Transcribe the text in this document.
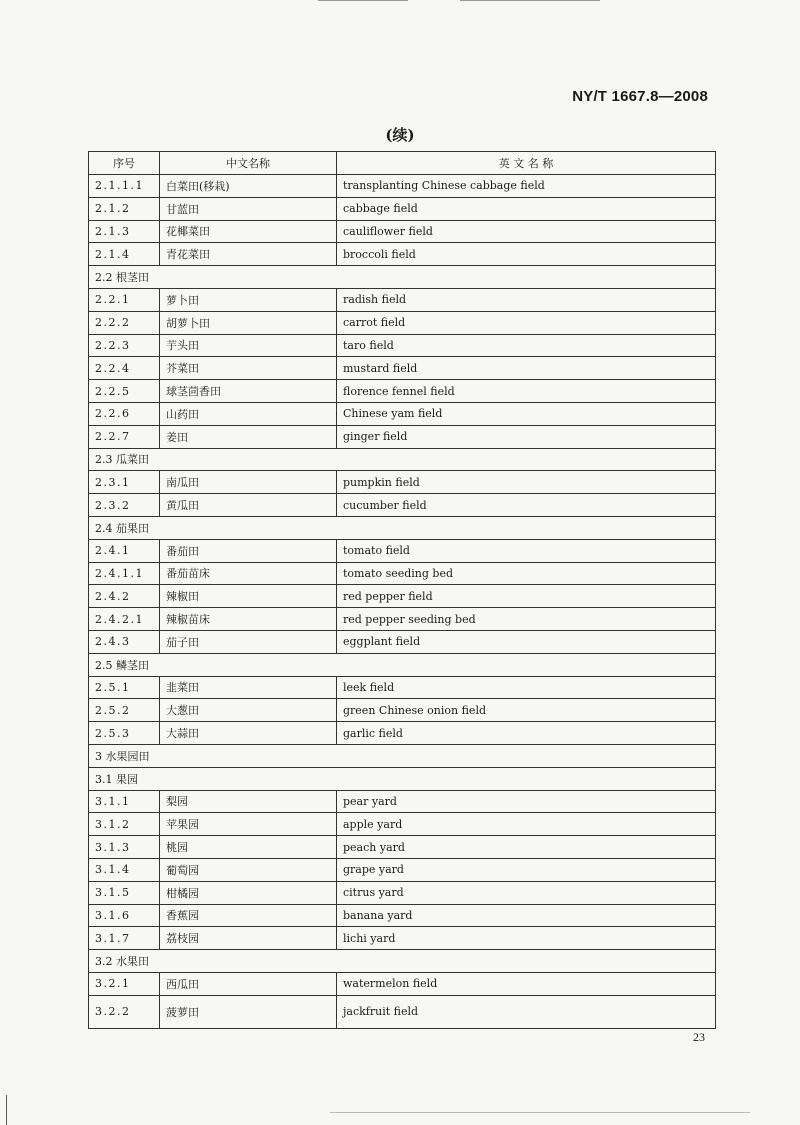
NY/T 1667.8—2008
(续)
序号	中文名称	英 文 名 称
2.1.1.1	白菜田(移栽)	transplanting Chinese cabbage field
2.1.2	甘蓝田	cabbage field
2.1.3	花椰菜田	cauliflower field
2.1.4	青花菜田	broccoli field
2.2 根茎田		
2.2.1	萝卜田	radish field
2.2.2	胡萝卜田	carrot field
2.2.3	芋头田	taro field
2.2.4	芥菜田	mustard field
2.2.5	球茎茴香田	florence fennel field
2.2.6	山药田	Chinese yam field
2.2.7	姜田	ginger field
2.3 瓜菜田		
2.3.1	南瓜田	pumpkin field
2.3.2	黄瓜田	cucumber field
2.4 茄果田		
2.4.1	番茄田	tomato field
2.4.1.1	番茄苗床	tomato seeding bed
2.4.2	辣椒田	red pepper field
2.4.2.1	辣椒苗床	red pepper seeding bed
2.4.3	茄子田	eggplant field
2.5 鳞茎田		
2.5.1	韭菜田	leek field
2.5.2	大葱田	green Chinese onion field
2.5.3	大蒜田	garlic field
3 水果园田		
3.1 果园		
3.1.1	梨园	pear yard
3.1.2	苹果园	apple yard
3.1.3	桃园	peach yard
3.1.4	葡萄园	grape yard
3.1.5	柑橘园	citrus yard
3.1.6	香蕉园	banana yard
3.1.7	荔枝园	lichi yard
3.2 水果田		
3.2.1	西瓜田	watermelon field
3.2.2	菠萝田	jackfruit field
23
